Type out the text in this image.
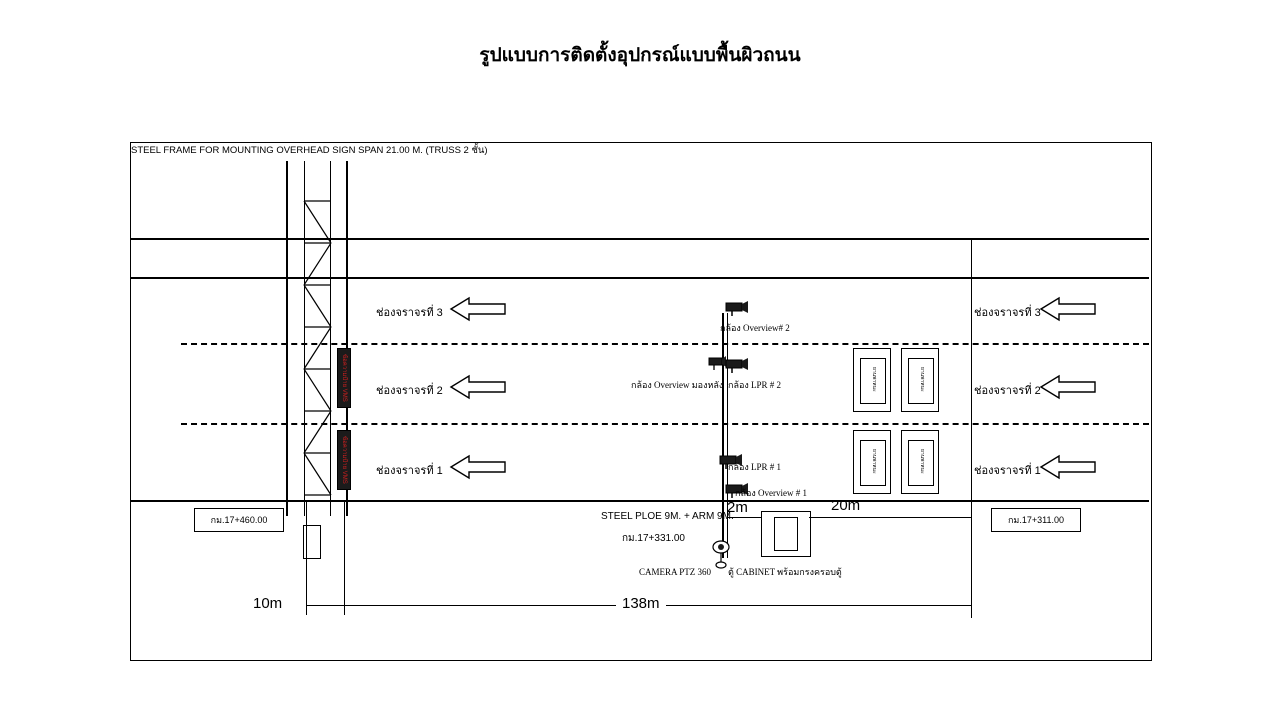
รูปแบบการติดตั้งอุปกรณ์แบบพื้นผิวถนน
STEEL FRAME FOR MOUNTING OVERHEAD SIGN SPAN 21.00 M. (TRUSS 2 ชั้น)
ข้อความป้าย VMS
ข้อความป้าย VMS
ช่องจราจรที่ 3
ช่องจราจรที่ 2
ช่องจราจรที่ 1
ช่องจราจรที่ 3
ช่องจราจรที่ 2
ช่องจราจรที่ 1
กล้อง Overview# 2
กล้อง Overview มองหลัง กล้อง LPR # 2
กล้อง LPR # 1
กล้อง Overview # 1
STEEL PLOE 9M. + ARM 9M.
กม.17+331.00
CAMERA PTZ 360 ตู้ CABINET พร้อมกรงครอบตู้
ยานพาหนะ	ยานพาหนะ
ยานพาหนะ	ยานพาหนะ
กม.17+460.00	กม.17+311.00
2m	20m
10m	138m
